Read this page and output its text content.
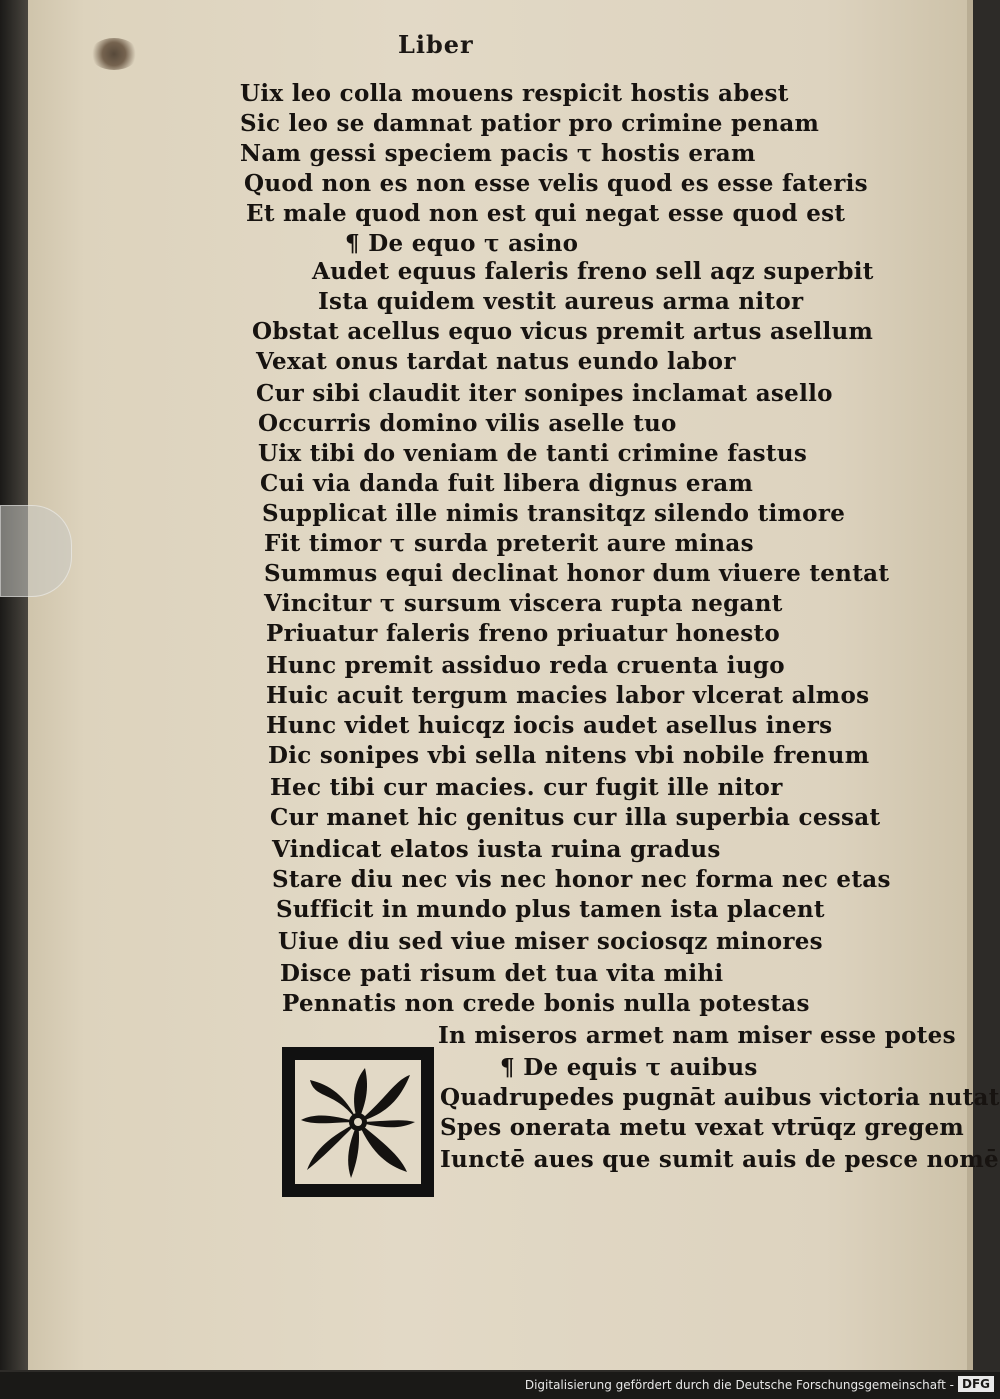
Liber
Uix leo colla mouens respicit hostis abest
Sic leo se damnat patior pro crimine penam
Nam gessi speciem pacis τ hostis eram
Quod non es non esse velis quod es esse fateris
Et male quod non est qui negat esse quod est
¶ De equo τ asino
Audet equus faleris freno sell aqz superbit
Ista quidem vestit aureus arma nitor
Obstat acellus equo vicus premit artus asellum
Vexat onus tardat natus eundo labor
Cur sibi claudit iter sonipes inclamat asello
Occurris domino vilis aselle tuo
Uix tibi do veniam de tanti crimine fastus
Cui via danda fuit libera dignus eram
Supplicat ille nimis transitqz silendo timore
Fit timor τ surda preterit aure minas
Summus equi declinat honor dum viuere tentat
Vincitur τ sursum viscera rupta negant
Priuatur faleris freno priuatur honesto
Hunc premit assiduo reda cruenta iugo
Huic acuit tergum macies labor vlcerat almos
Hunc videt huicqz iocis audet asellus iners
Dic sonipes vbi sella nitens vbi nobile frenum
Hec tibi cur macies. cur fugit ille nitor
Cur manet hic genitus cur illa superbia cessat
Vindicat elatos iusta ruina gradus
Stare diu nec vis nec honor nec forma nec etas
Sufficit in mundo plus tamen ista placent
Uiue diu sed viue miser sociosqz minores
Disce pati risum det tua vita mihi
Pennatis non crede bonis nulla potestas
In miseros armet nam miser esse potes
¶ De equis τ auibus
Quadrupedes pugnāt auibus victoria nutat
Spes onerata metu vexat vtrūqz gregem
Iunctē aues que sumit auis de pesce nomē
Digitalisierung gefördert durch die Deutsche Forschungsgemeinschaft - DFG
